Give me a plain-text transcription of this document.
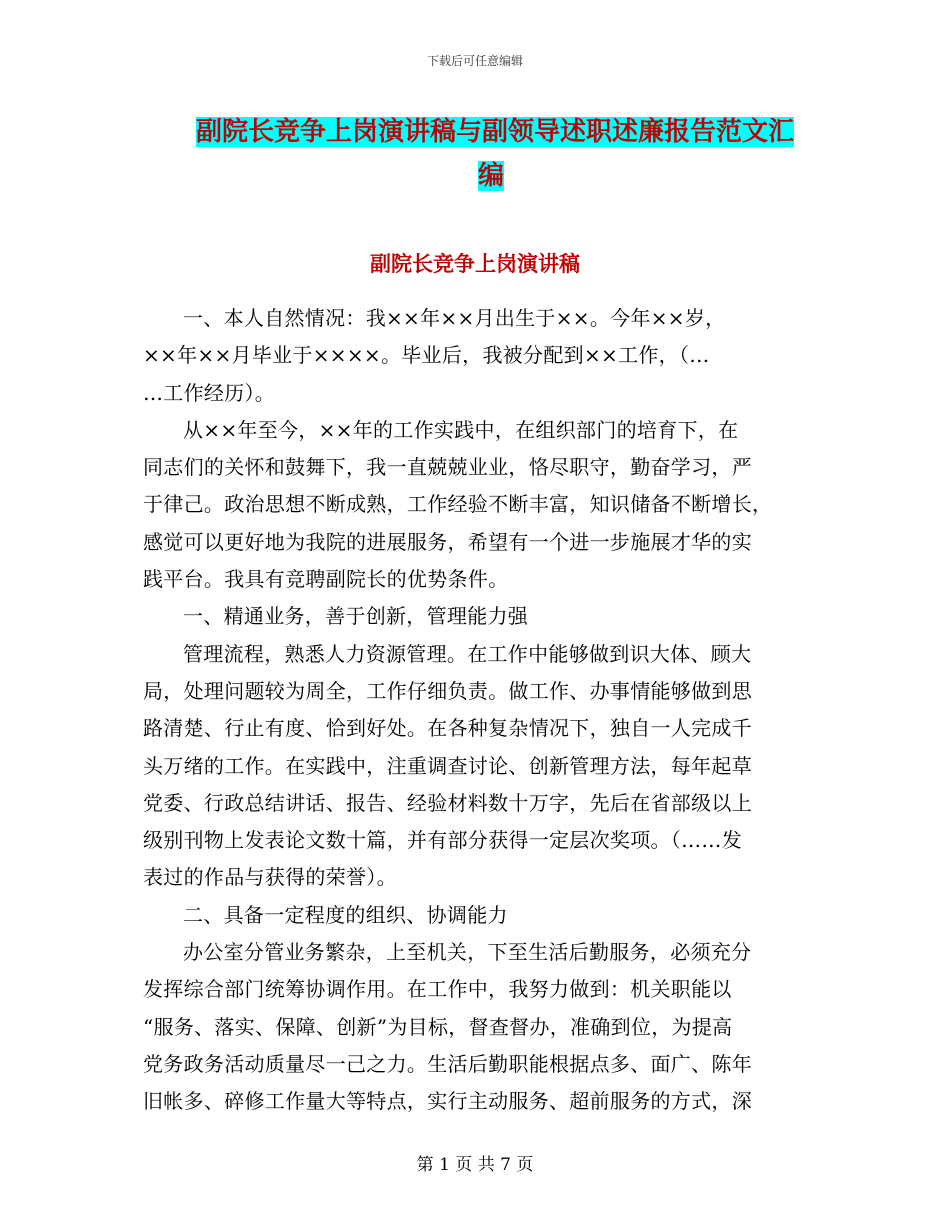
下载后可任意编辑
副院长竞争上岗演讲稿与副领导述职述廉报告范文汇
编
副院长竞争上岗演讲稿

一、本人自然情况：我××年××月出生于××。今年××岁，
××年××月毕业于××××。毕业后，我被分配到××工作，（…
…工作经历）。

从××年至今，××年的工作实践中，在组织部门的培育下，在
同志们的关怀和鼓舞下，我一直兢兢业业，恪尽职守，勤奋学习，严
于律己。政治思想不断成熟，工作经验不断丰富，知识储备不断增长，
感觉可以更好地为我院的进展服务，希望有一个进一步施展才华的实
践平台。我具有竞聘副院长的优势条件。

一、精通业务，善于创新，管理能力强

管理流程，熟悉人力资源管理。在工作中能够做到识大体、顾大
局，处理问题较为周全，工作仔细负责。做工作、办事情能够做到思
路清楚、行止有度、恰到好处。在各种复杂情况下，独自一人完成千
头万绪的工作。在实践中，注重调查讨论、创新管理方法，每年起草
党委、行政总结讲话、报告、经验材料数十万字，先后在省部级以上
级别刊物上发表论文数十篇，并有部分获得一定层次奖项。（……发
表过的作品与获得的荣誉）。

二、具备一定程度的组织、协调能力

办公室分管业务繁杂，上至机关，下至生活后勤服务，必须充分
发挥综合部门统筹协调作用。在工作中，我努力做到：机关职能以
“服务、落实、保障、创新”为目标，督查督办，准确到位，为提高
党务政务活动质量尽一己之力。生活后勤职能根据点多、面广、陈年
旧帐多、碎修工作量大等特点，实行主动服务、超前服务的方式，深

第 1 页 共 7 页
